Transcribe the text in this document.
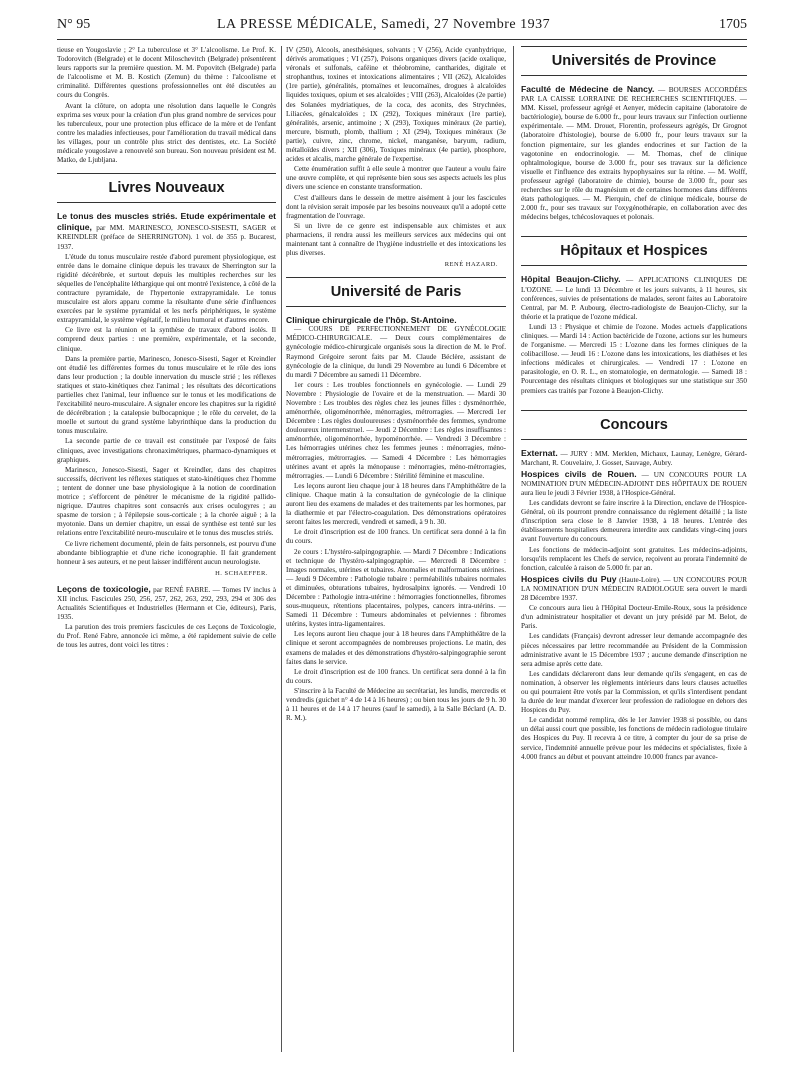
N° 95	LA PRESSE MÉDICALE, Samedi, 27 Novembre 1937	1705

tieuse en Yougoslavie ; 2° La tuberculose et 3° L'alcoolisme. Le Prof. K. Todorovitch (Belgrade) et le docent Miloschevitch (Belgrade) présentèrent leurs rapports sur la première question. M. M. Popovitch (Belgrade) parla de l'alcoolisme et M. B. Kostich (Zemun) du thème : l'alcoolisme et criminalité. Différentes questions professionnelles ont été discutées au cours du Congrès.

Avant la clôture, on adopta une résolution dans laquelle le Congrès exprima ses vœux pour la création d'un plus grand nombre de services pour les tuberculeux, pour une protection plus efficace de la mère et de l'enfant contre les maladies infectieuses, pour l'amélioration du travail médical dans les villages, pour un contrôle plus strict des dentistes, etc. La Société médicale yougoslave a renouvelé son bureau. Son nouveau président est M. Matko, de Ljubljana.

Livres Nouveaux

Le tonus des muscles striés. Etude expérimentale et clinique, par MM. MARINESCO, JONESCO-SISESTI, SAGER et KREINDLER (préface de SHERRINGTON). 1 vol. de 355 p. Bucarest, 1937.

L'étude du tonus musculaire restée d'abord purement physiologique, est entrée dans le domaine clinique depuis les travaux de Sherrington sur la rigidité décérébrée, et surtout depuis les multiples recherches sur les séquelles de l'encéphalite léthargique qui ont montré l'existence, à côté de la contracture pyramidale, de l'hypertonie extrapyramidale. Le tonus musculaire est alors apparu comme la résultante d'une série d'influences exercées par le système pyramidal et les nerfs périphériques, le système extrapyramidal, le système végétatif, le milieu humoral et d'autres encore.

Ce livre est la réunion et la synthèse de travaux d'abord isolés. Il comprend deux parties : une première, expérimentale, et la seconde, clinique.

Dans la première partie, Marinesco, Jonesco-Sisesti, Sager et Kreindler ont étudié les différentes formes du tonus musculaire et le rôle des ions dans leur production ; la double innervation du muscle strié ; les réflexes statiques et stato-kinétiques chez l'animal ; les résultats des décortications partielles chez l'animal, leur influence sur le tonus et les modifications de l'excitabilité neuro-musculaire. A signaler encore les chapitres sur la rigidité de décérébration ; la catalepsie bulbocapnique ; le rôle du cervelet, de la moelle et surtout du grand système labyrinthique dans la production du tonus musculaire.

La seconde partie de ce travail est constituée par l'exposé de faits cliniques, avec investigations chronaximétriques, pharmaco-dynamiques et graphiques.

Marinesco, Jonesco-Sisesti, Sager et Kreindler, dans des chapitres successifs, décrivent les réflexes statiques et stato-kinétiques chez l'homme ; tentent de donner une base physiologique à la notion de coordination motrice ; s'efforcent de pénétrer le mécanisme de la rigidité pallido-nigrique. D'autres chapitres sont consacrés aux crises oculogyres ; au spasme de torsion ; à l'épilepsie sous-corticale ; à la chorée aiguë ; à la myotonie. Dans un dernier chapitre, un essai de synthèse est tenté sur les relations entre l'excitabilité neuro-musculaire et le tonus des muscles striés.

Ce livre richement documenté, plein de faits personnels, est pourvu d'une abondante bibliographie et d'une riche iconographie. Il fait grandement honneur à ses auteurs, et ne peut laisser indifférent aucun neurologiste.

H. SCHAEFFER.

Leçons de toxicologie, par RENÉ FABRE. — Tomes IV inclus à XII inclus. Fascicules 250, 256, 257, 262, 263, 292, 293, 294 et 306 des Actualités Scientifiques et Industrielles (Hermann et Cie, éditeurs), Paris, 1935.

La parution des trois premiers fascicules de ces Leçons de Toxicologie, du Prof. René Fabre, annoncée ici même, a été rapidement suivie de celle de tous les autres, dont voici les titres :

IV (250), Alcools, anesthésiques, solvants ; V (256), Acide cyanhydrique, dérivés aromatiques ; VI (257), Poisons organiques divers (acide oxalique, véronals et sulfonals, caféine et théobromine, cantharides, digitale et strophanthus, toxines et intoxications alimentaires ; VII (262), Alcaloïdes (1re partie), généralités, ptomaïnes et leucomaïnes, drogues à alcaloïdes liquides toxiques, opium et ses alcaloïdes ; VIII (263), Alcaloïdes (2e partie) des Solanées mydriatiques, de la coca, des aconits, des Strychnées, Liliacées, génalcaloïdes ; IX (292), Toxiques minéraux (1re partie), généralités, arsenic, antimoine ; X (293), Toxiques minéraux (2e partie), mercure, bismuth, plomb, thallium ; XI (294), Toxiques minéraux (3e partie), cuivre, zinc, chrome, nickel, manganèse, baryum, radium, métalloïdes divers ; XII (306), Toxiques minéraux (4e partie), phosphore, acides et alcalis, marche générale de l'expertise.

Cette énumération suffit à elle seule à montrer que l'auteur a voulu faire une œuvre complète, et qui représente bien sous ses aspects actuels les plus divers une science en constante transformation.

C'est d'ailleurs dans le dessein de mettre aisément à jour les fascicules dont la révision serait imposée par les besoins nouveaux qu'il a adopté cette fragmentation de l'ouvrage.

Si un livre de ce genre est indispensable aux chimistes et aux pharmaciens, il rendra aussi les meilleurs services aux médecins qui ont maintenant tant à connaître de l'hygiène industrielle et des intoxications les plus diverses.

RENÉ HAZARD.
Université de Paris
Clinique chirurgicale de l'hôp. St-Antoine.

— COURS DE PERFECTIONNEMENT DE GYNÉCOLOGIE MÉDICO-CHIRURGICALE. — Deux cours complémentaires de gynécologie médico-chirurgicale organisés sous la direction de M. le Prof. Raymond Grégoire seront faits par M. Claude Béclère, assistant de gynécologie de la clinique, du lundi 29 Novembre au lundi 6 Décembre et du mardi 7 Décembre au samedi 11 Décembre.

1er cours : Les troubles fonctionnels en gynécologie. — Lundi 29 Novembre : Physiologie de l'ovaire et de la menstruation. — Mardi 30 Novembre : Les troubles des règles chez les jeunes filles : dysménorrhée, aménorrhée, oligoménorrhée, ménorragies, métrorragies. — Mercredi 1er Décembre : Les règles douloureuses : dysménorrhée des femmes, syndrome douloureux intermenstruel. — Jeudi 2 Décembre : Les règles insuffisantes : aménorrhée, oligoménorrhée, hypoménorrhée. — Vendredi 3 Décembre : Les hémorragies utérines chez les femmes jeunes : ménorragies, méno-métrorragies, métrorragies. — Samedi 4 Décembre : Les hémorragies utérines avant et après la ménopause : ménorragies, méno-métrorragies, métrorragies. — Lundi 6 Décembre : Stérilité féminine et masculine.

Les leçons auront lieu chaque jour à 18 heures dans l'Amphithéâtre de la clinique. Chaque matin à la consultation de gynécologie de la clinique auront lieu des examens de malades et des traitements par les hormones, par la diathermie et par l'électro-coagulation. Des démonstrations opératoires seront faites les mercredi, vendredi et samedi, à 9 h. 30.

Le droit d'inscription est de 100 francs. Un certificat sera donné à la fin du cours.

2e cours : L'hystéro-salpingographie. — Mardi 7 Décembre : Indications et technique de l'hystéro-salpingographie. — Mercredi 8 Décembre : Images normales, utérines et tubaires. Anomalies et malformations utérines. — Jeudi 9 Décembre : Pathologie tubaire : perméabilités tubaires normales et diminuées, obturations tubaires, hydrosalpinx ignorés. — Vendredi 10 Décembre : Pathologie intra-utérine : hémorragies fonctionnelles, fibromes sous-muqueux, rétentions placentaires, polypes, cancers intra-utérins. — Samedi 11 Décembre : Tumeurs abdominales et pelviennes : fibromes utérins, kystes intra-ligamentaires.

Les leçons auront lieu chaque jour à 18 heures dans l'Amphithéâtre de la clinique et seront accompagnées de nombreuses projections. Le matin, des examens de malades et des démonstrations d'hystéro-salpingographie seront faites dans le service.

Le droit d'inscription est de 100 francs. Un certificat sera donné à la fin du cours.

S'inscrire à la Faculté de Médecine au secrétariat, les lundis, mercredis et vendredis (guichet n° 4 de 14 à 16 heures) ; ou bien tous les jours de 9 h. 30 à 11 heures et de 14 à 17 heures (sauf le samedi), à la Salle Béclard (A. D. R. M.).

Universités de Province

Faculté de Médecine de Nancy. — BOURSES ACCORDÉES PAR LA CAISSE LORRAINE DE RECHERCHES SCIENTIFIQUES. — MM. Kissel, professeur agrégé et Aenyer, médecin capitaine (laboratoire de bactériologie), bourse de 6.000 fr., pour leurs travaux sur l'infection ourlienne expérimentale. — MM. Drouet, Florentin, professeurs agrégés, Dr Grognot (laboratoire d'histologie), bourse de 6.000 fr., pour leurs travaux sur la fonction pigmentaire, sur les glandes endocrines et sur l'action de la vagotonine en endocrinologie. — M. Thomas, chef de clinique ophtalmologique, bourse de 3.000 fr., pour ses travaux sur la déficience visuelle et l'influence des extraits hypophysaires sur la rétine. — M. Wolff, professeur agrégé (laboratoire de chimie), bourse de 3.000 fr., pour ses recherches sur le rôle du magnésium et de certaines hormones dans différents états pathologiques. — M. Pierquin, chef de clinique médicale, bourse de 2.000 fr., pour ses travaux sur l'oxygénothérapie, en collaboration avec des médecins belges, tchécoslovaques et polonais.

Hôpitaux et Hospices

Hôpital Beaujon-Clichy. — APPLICATIONS CLINIQUES DE L'OZONE. — Le lundi 13 Décembre et les jours suivants, à 11 heures, six conférences, suivies de présentations de malades, seront faites au Laboratoire Central, par M. P. Aubourg, électro-radiologiste de Beaujon-Clichy, sur la théorie et la pratique de l'ozone médical.

Lundi 13 : Physique et chimie de l'ozone. Modes actuels d'applications cliniques. — Mardi 14 : Action bactéricide de l'ozone, actions sur les humeurs de l'organisme. — Mercredi 15 : L'ozone dans les formes cliniques de la colibacillose. — Jeudi 16 : L'ozone dans les intoxications, les diathèses et les infections médicales et chirurgicales. — Vendredi 17 : L'ozone en parasitologie, en O. R. L., en stomatologie, en dermatologie. — Samedi 18 : Pourcentage des résultats cliniques et biologiques sur une statistique sur 350 premiers cas traités par l'ozone à Beaujon-Clichy.

Concours

Externat. — JURY : MM. Merklen, Michaux, Launay, Lenègre, Gérard-Marchant, R. Couvelaire, J. Gosset, Sauvage, Aubry.

Hospices civils de Rouen. — UN CONCOURS POUR LA NOMINATION D'UN MÉDECIN-ADJOINT DES HÔPITAUX DE ROUEN aura lieu le jeudi 3 Février 1938, à l'Hospice-Général.

Les candidats devront se faire inscrire à la Direction, enclave de l'Hospice-Général, où ils pourront prendre connaissance du règlement détaillé ; la liste d'inscription sera close le 8 Janvier 1938, à 18 heures. L'entrée des établissements hospitaliers demeurera interdite aux candidats vingt-cinq jours avant l'ouverture du concours.

Les fonctions de médecin-adjoint sont gratuites. Les médecins-adjoints, lorsqu'ils remplacent les Chefs de service, reçoivent au prorata l'indemnité de fonction, calculée à raison de 5.000 fr. par an.

Hospices civils du Puy (Haute-Loire). — UN CONCOURS POUR LA NOMINATION D'UN MÉDECIN RADIOLOGUE sera ouvert le mardi 28 Décembre 1937.

Ce concours aura lieu à l'Hôpital Docteur-Emile-Roux, sous la présidence d'un administrateur hospitalier et devant un jury présidé par M. Belot, de Paris.

Les candidats (Français) devront adresser leur demande accompagnée des pièces nécessaires par lettre recommandée au Président de la Commission administrative avant le 15 Décembre 1937 ; aucune demande d'inscription ne sera admise après cette date.

Les candidats déclareront dans leur demande qu'ils s'engagent, en cas de nomination, à observer les règlements intérieurs dans leurs clauses actuelles ou qui pourraient être votés par la Commission, et qu'ils s'interdisent pendant la durée de leur mandat d'exercer leur profession de radiologue en dehors des Hospices du Puy.

Le candidat nommé remplira, dès le 1er Janvier 1938 si possible, ou dans un délai aussi court que possible, les fonctions de médecin radiologue titulaire des Hospices du Puy. Il recevra à ce titre, à compter du jour de sa prise de service, l'indemnité annuelle prévue pour les médecins et spécialistes, fixée à 4.000 francs au début et pouvant atteindre 10.000 francs par avance-
